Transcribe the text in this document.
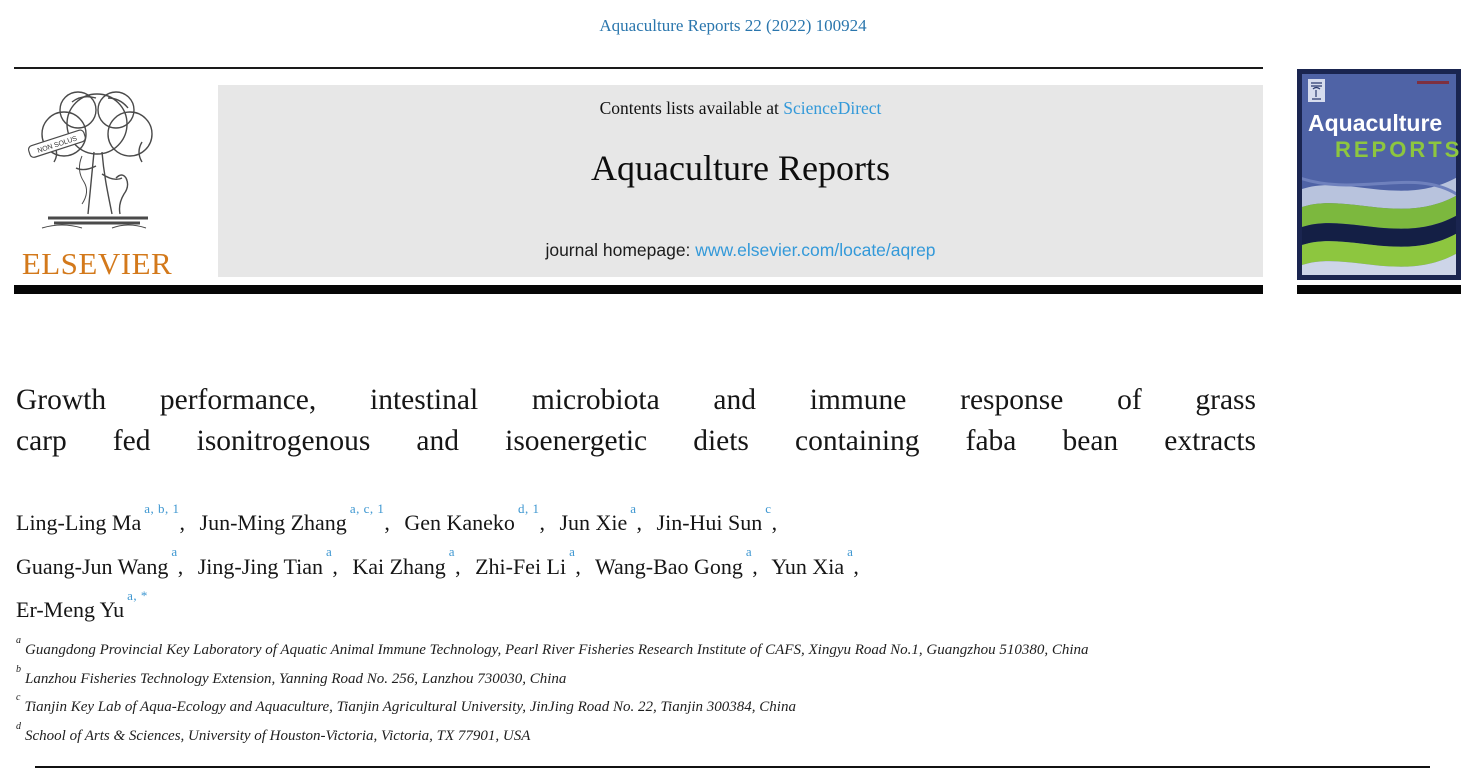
Aquaculture Reports 22 (2022) 100924
NON SOLUS
ELSEVIER
Contents lists available at ScienceDirect
Aquaculture Reports
journal homepage: www.elsevier.com/locate/aqrep
Aquaculture
REPORTS
Growth performance, intestinal microbiota and immune response of grass
carp fed isonitrogenous and isoenergetic diets containing faba bean extracts
Ling-Ling Ma$^{a, b, 1}$, Jun-Ming Zhang$^{a, c, 1}$, Gen Kaneko$^{d, 1}$, Jun Xie$^a$, Jin-Hui Sun$^c$,
Guang-Jun Wang$^a$, Jing-Jing Tian$^a$, Kai Zhang$^a$, Zhi-Fei Li$^a$, Wang-Bao Gong$^a$, Yun Xia$^a$,
Er-Meng $Yu^{a, *}$
$^a$Guangdong Provincial Key Laboratory of Aquatic Animal Immune Technology, Pearl River Fisheries Research Institute of CAFS, Xingyu Road No.1, Guangzhou 510380, China
$^b$Lanzhou Fisheries Technology Extension, Yanning Road No. 256, Lanzhou 730030, China
$^c$Tianjin Key Lab of Aqua-Ecology and Aquaculture, Tianjin Agricultural University, JinJing Road No. 22, Tianjin 300384, China
$^d$School of Arts & Sciences, University of Houston-Victoria, Victoria, TX 77901, USA
